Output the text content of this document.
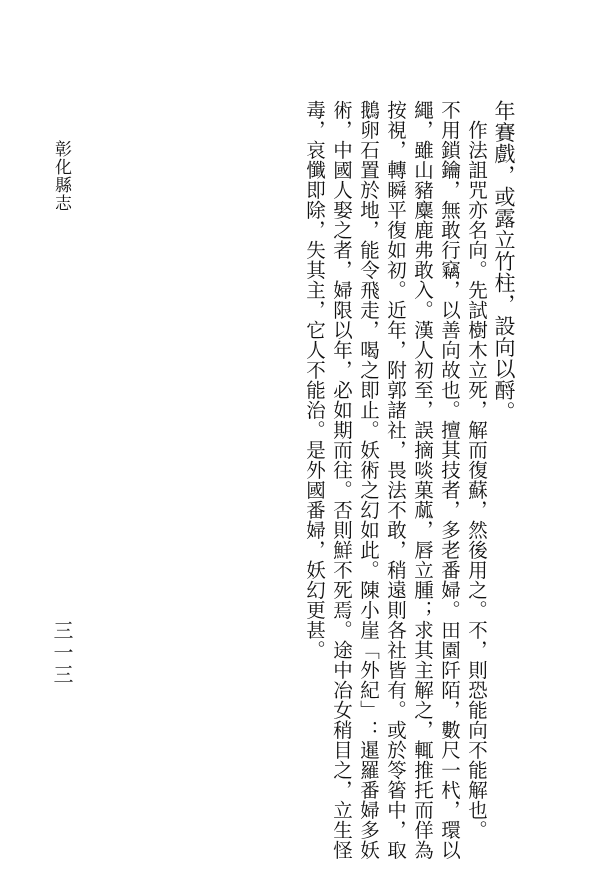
彰化縣志
三一三
年賽戲，或露立竹柱，設向以酹。
　作法詛咒亦名向。先試樹木立死，解而復蘇，然後用之。不，則恐能向不能解也。
不用鎖鑰，無敢行竊，以善向故也。擅其技者，多老番婦。田園阡陌，數尺一杙，環以
繩，雖山豬麋鹿弗敢入。漢人初至，誤摘啖菓蓏，唇立腫；求其主解之，輒推托而佯為
按視，轉瞬平復如初。近年，附郭諸社，畏法不敢，稍遠則各社皆有。或於笭箵中，取
鵝卵石置於地，能令飛走，喝之即止。妖術之幻如此。陳小崖「外紀」：暹羅番婦多妖
術，中國人娶之者，婦限以年，必如期而往。否則鮮不死焉。途中冶女稍目之，立生怪
毒，哀懺即除，失其主，它人不能治。是外國番婦，妖幻更甚。
